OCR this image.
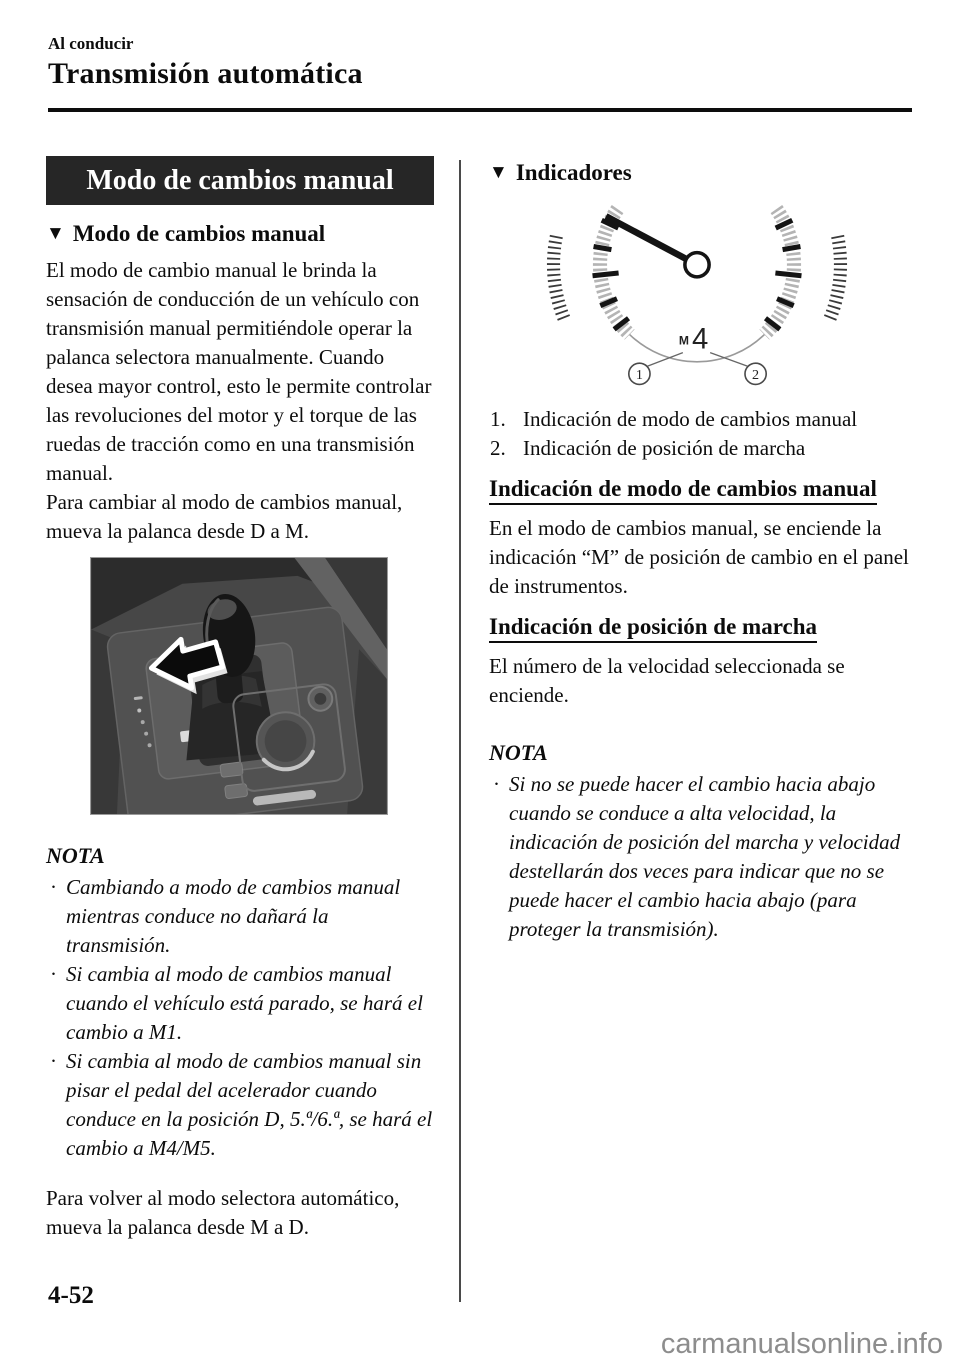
Al conducir
Transmisión automática
Modo de cambios manual
▼ Modo de cambios manual

El modo de cambio manual le brinda la sensación de conducción de un vehículo con transmisión manual permitiéndole operar la palanca selectora manualmente. Cuando desea mayor control, esto le permite controlar las revoluciones del motor y el torque de las ruedas de tracción como en una transmisión manual.

Para cambiar al modo de cambios manual, mueva la palanca desde D a M.

NOTA
· Cambiando a modo de cambios manual mientras conduce no dañará la transmisión.
· Si cambia al modo de cambios manual cuando el vehículo está parado, se hará el cambio a M1.
· Si cambia al modo de cambios manual sin pisar el pedal del acelerador cuando conduce en la posición D, 5.ª/6.ª, se hará el cambio a M4/M5.

Para volver al modo selectora automático, mueva la palanca desde M a D.

▼ Indicadores
M 4
1	2
1. Indicación de modo de cambios manual
2. Indicación de posición de marcha
Indicación de modo de cambios manual

En el modo de cambios manual, se enciende la indicación “M” de posición de cambio en el panel de instrumentos.

Indicación de posición de marcha

El número de la velocidad seleccionada se enciende.

NOTA
· Si no se puede hacer el cambio hacia abajo cuando se conduce a alta velocidad, la indicación de posición del marcha y velocidad destellarán dos veces para indicar que no se puede hacer el cambio hacia abajo (para proteger la transmisión).
4-52
carmanualsonline.info
